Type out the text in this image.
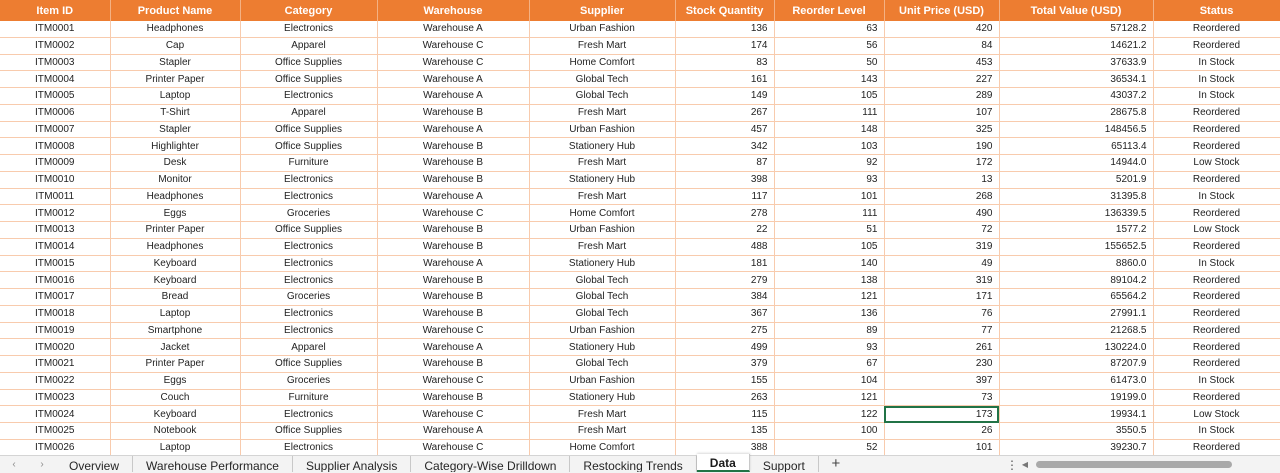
Item ID	Product Name	Category	Warehouse	Supplier	Stock Quantity	Reorder Level	Unit Price (USD)	Total Value (USD)	Status
ITM0001	Headphones	Electronics	Warehouse A	Urban Fashion	136	63	420	57128.2	Reordered
ITM0002	Cap	Apparel	Warehouse C	Fresh Mart	174	56	84	14621.2	Reordered
ITM0003	Stapler	Office Supplies	Warehouse C	Home Comfort	83	50	453	37633.9	In Stock
ITM0004	Printer Paper	Office Supplies	Warehouse A	Global Tech	161	143	227	36534.1	In Stock
ITM0005	Laptop	Electronics	Warehouse A	Global Tech	149	105	289	43037.2	In Stock
ITM0006	T-Shirt	Apparel	Warehouse B	Fresh Mart	267	111	107	28675.8	Reordered
ITM0007	Stapler	Office Supplies	Warehouse A	Urban Fashion	457	148	325	148456.5	Reordered
ITM0008	Highlighter	Office Supplies	Warehouse B	Stationery Hub	342	103	190	65113.4	Reordered
ITM0009	Desk	Furniture	Warehouse B	Fresh Mart	87	92	172	14944.0	Low Stock
ITM0010	Monitor	Electronics	Warehouse B	Stationery Hub	398	93	13	5201.9	Reordered
ITM0011	Headphones	Electronics	Warehouse A	Fresh Mart	117	101	268	31395.8	In Stock
ITM0012	Eggs	Groceries	Warehouse C	Home Comfort	278	111	490	136339.5	Reordered
ITM0013	Printer Paper	Office Supplies	Warehouse B	Urban Fashion	22	51	72	1577.2	Low Stock
ITM0014	Headphones	Electronics	Warehouse B	Fresh Mart	488	105	319	155652.5	Reordered
ITM0015	Keyboard	Electronics	Warehouse A	Stationery Hub	181	140	49	8860.0	In Stock
ITM0016	Keyboard	Electronics	Warehouse B	Global Tech	279	138	319	89104.2	Reordered
ITM0017	Bread	Groceries	Warehouse B	Global Tech	384	121	171	65564.2	Reordered
ITM0018	Laptop	Electronics	Warehouse B	Global Tech	367	136	76	27991.1	Reordered
ITM0019	Smartphone	Electronics	Warehouse C	Urban Fashion	275	89	77	21268.5	Reordered
ITM0020	Jacket	Apparel	Warehouse A	Stationery Hub	499	93	261	130224.0	Reordered
ITM0021	Printer Paper	Office Supplies	Warehouse B	Global Tech	379	67	230	87207.9	Reordered
ITM0022	Eggs	Groceries	Warehouse C	Urban Fashion	155	104	397	61473.0	In Stock
ITM0023	Couch	Furniture	Warehouse B	Stationery Hub	263	121	73	19199.0	Reordered
ITM0024	Keyboard	Electronics	Warehouse C	Fresh Mart	115	122	173	19934.1	Low Stock
ITM0025	Notebook	Office Supplies	Warehouse A	Fresh Mart	135	100	26	3550.5	In Stock
ITM0026	Laptop	Electronics	Warehouse C	Home Comfort	388	52	101	39230.7	Reordered
‹	›	Overview	Warehouse Performance	Supplier Analysis	Category-Wise Drilldown	Restocking Trends	Data	Support	+	⋮ ◀
